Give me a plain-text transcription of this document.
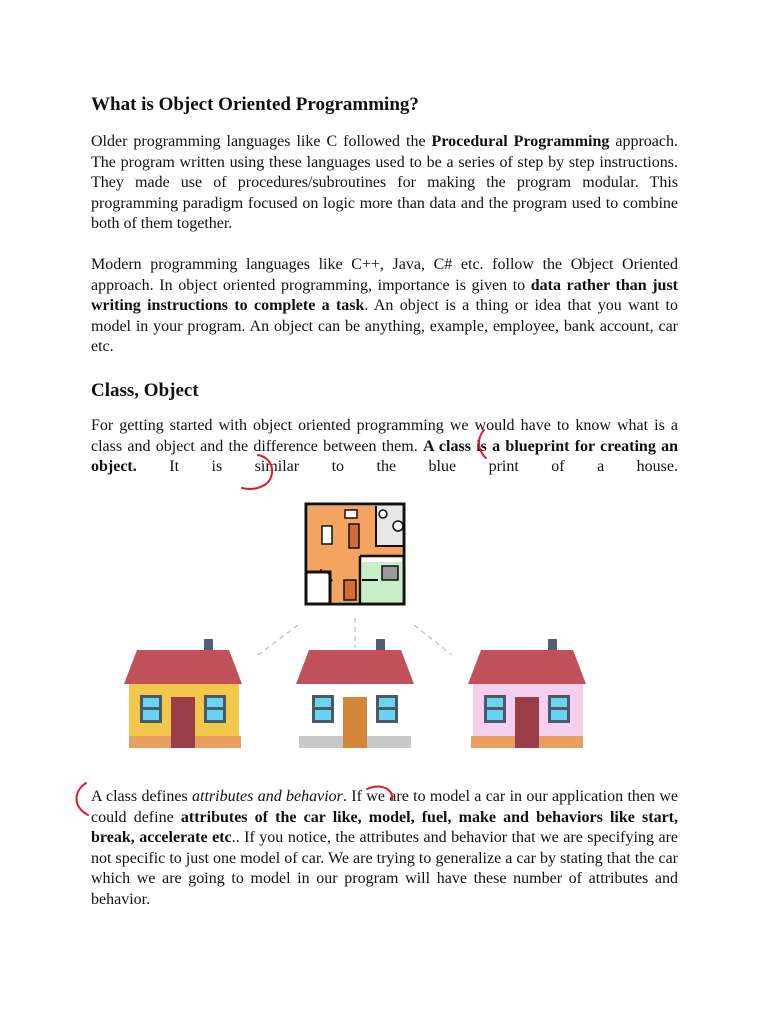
What is Object Oriented Programming?

Older programming languages like C followed the Procedural Programming approach. The program written using these languages used to be a series of step by step instructions. They made use of procedures/subroutines for making the program modular. This programming paradigm focused on logic more than data and the program used to combine both of them together.

Modern programming languages like C++, Java, C# etc. follow the Object Oriented approach. In object oriented programming, importance is given to data rather than just writing instructions to complete a task. An object is a thing or idea that you want to model in your program. An object can be anything, example, employee, bank account, car etc.

Class, Object

For getting started with object oriented programming we would have to know what is a class and object and the difference between them. A class is a blueprint for creating an object. It is similar to the blue print of a house.

A class defines attributes and behavior. If we are to model a car in our application then we could define attributes of the car like, model, fuel, make and behaviors like start, break, accelerate etc.. If you notice, the attributes and behavior that we are specifying are not specific to just one model of car. We are trying to generalize a car by stating that the car which we are going to model in our program will have these number of attributes and behavior.
